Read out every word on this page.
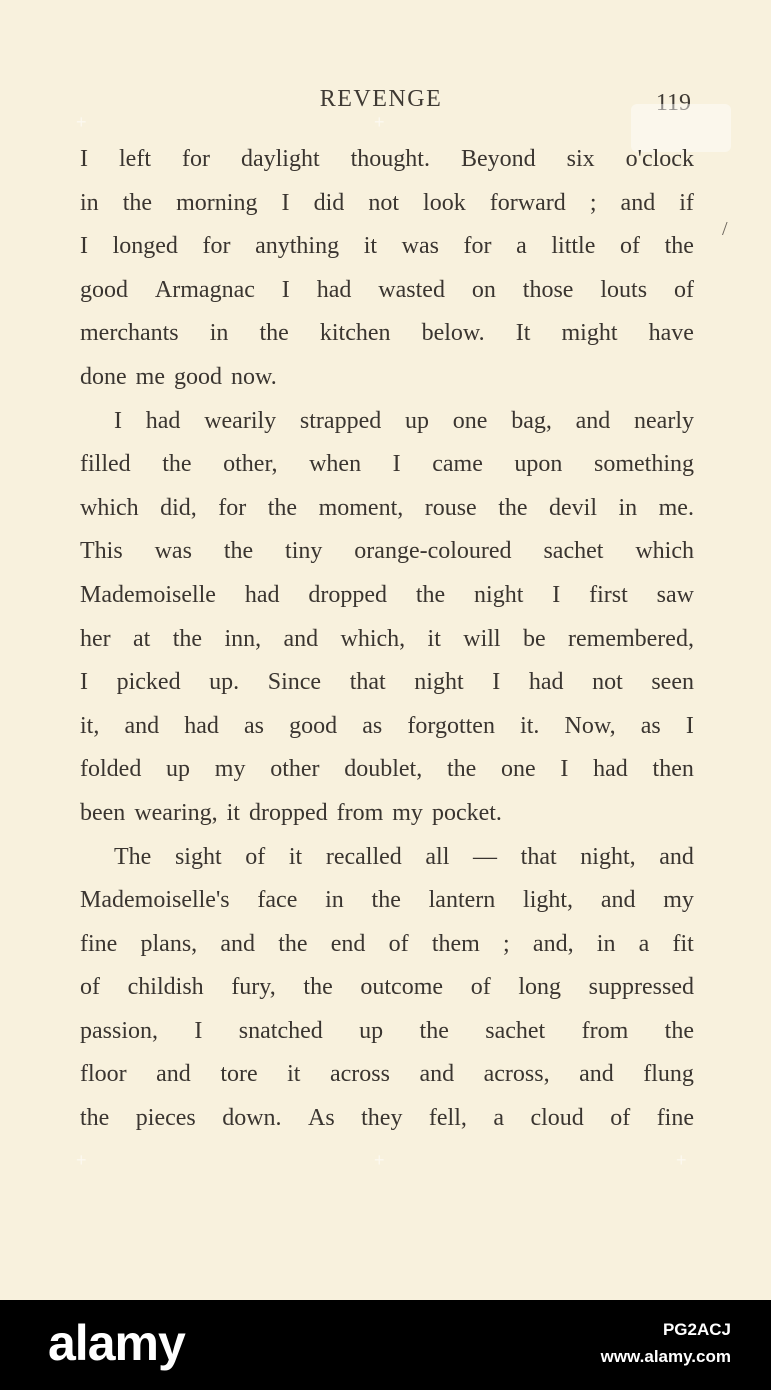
REVENGE	119
+	+
+	+	+
/
I left for daylight thought. Beyond six o'clock
in the morning I did not look forward ; and if
I longed for anything it was for a little of the
good Armagnac I had wasted on those louts of
merchants in the kitchen below. It might have
done me good now.
I had wearily strapped up one bag, and nearly
filled the other, when I came upon something
which did, for the moment, rouse the devil in me.
This was the tiny orange-coloured sachet which
Mademoiselle had dropped the night I first saw
her at the inn, and which, it will be remembered,
I picked up. Since that night I had not seen
it, and had as good as forgotten it. Now, as I
folded up my other doublet, the one I had then
been wearing, it dropped from my pocket.
The sight of it recalled all — that night, and
Mademoiselle's face in the lantern light, and my
fine plans, and the end of them ; and, in a fit
of childish fury, the outcome of long suppressed
passion, I snatched up the sachet from the
floor and tore it across and across, and flung
the pieces down. As they fell, a cloud of fine
alamy	PG2ACJ
www.alamy.com
